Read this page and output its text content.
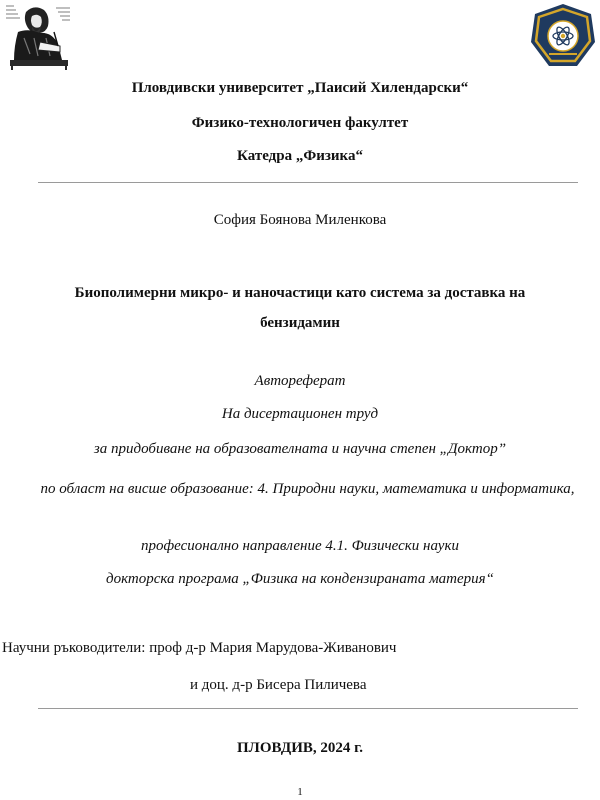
Пловдивски университет „Паисий Хилендарски“
Физико-технологичен факултет
Катедра „Физика“
София Боянова Миленкова
Биополимерни микро- и наночастици като система за доставка на
бензидамин
Автореферат
На дисертационен труд
за придобиване на образователната и научна степен „Доктор”
по област на висше образование: 4. Природни науки, математика и информатика,
професионално направление 4.1. Физически науки
докторска програма „Физика на кондензираната материя“
Научни ръководители: проф д-р Мария Марудова-Живанович
и доц. д-р Бисера Пиличева
ПЛОВДИВ, 2024 г.
1
